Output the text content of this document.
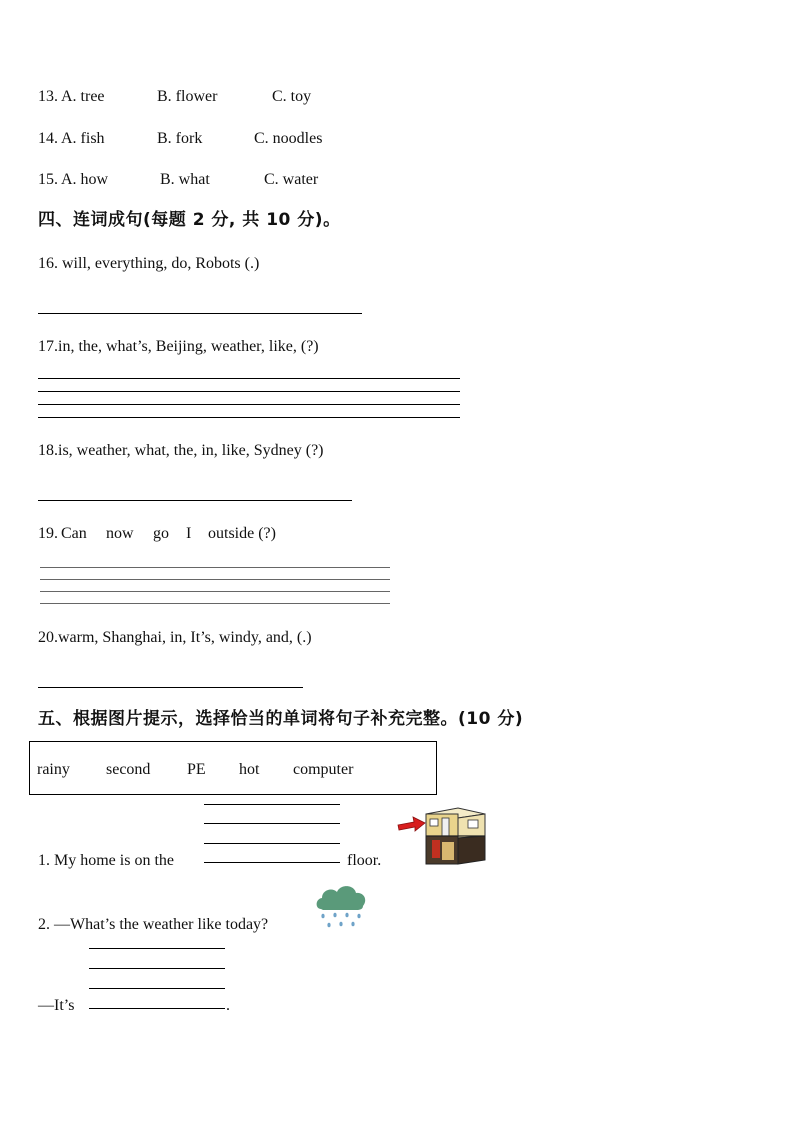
13. A. tree	B. flower	C. toy
14. A. fish	B. fork	C. noodles
15. A. how	B. what	C. water
四、连词成句(每题 2 分, 共 10 分)。
16. will, everything, do, Robots (.)
17.in, the, what’s, Beijing, weather, like, (?)
18.is, weather, what, the, in, like, Sydney (?)
19. Can now go I outside (?)
20.warm, Shanghai, in, It’s, windy, and, (.)
五、根据图片提示，选择恰当的单词将句子补充完整。(10 分)
rainy second PE hot computer
1. My home is on the	floor.
2. —What’s the weather like today?
—It’s	.
